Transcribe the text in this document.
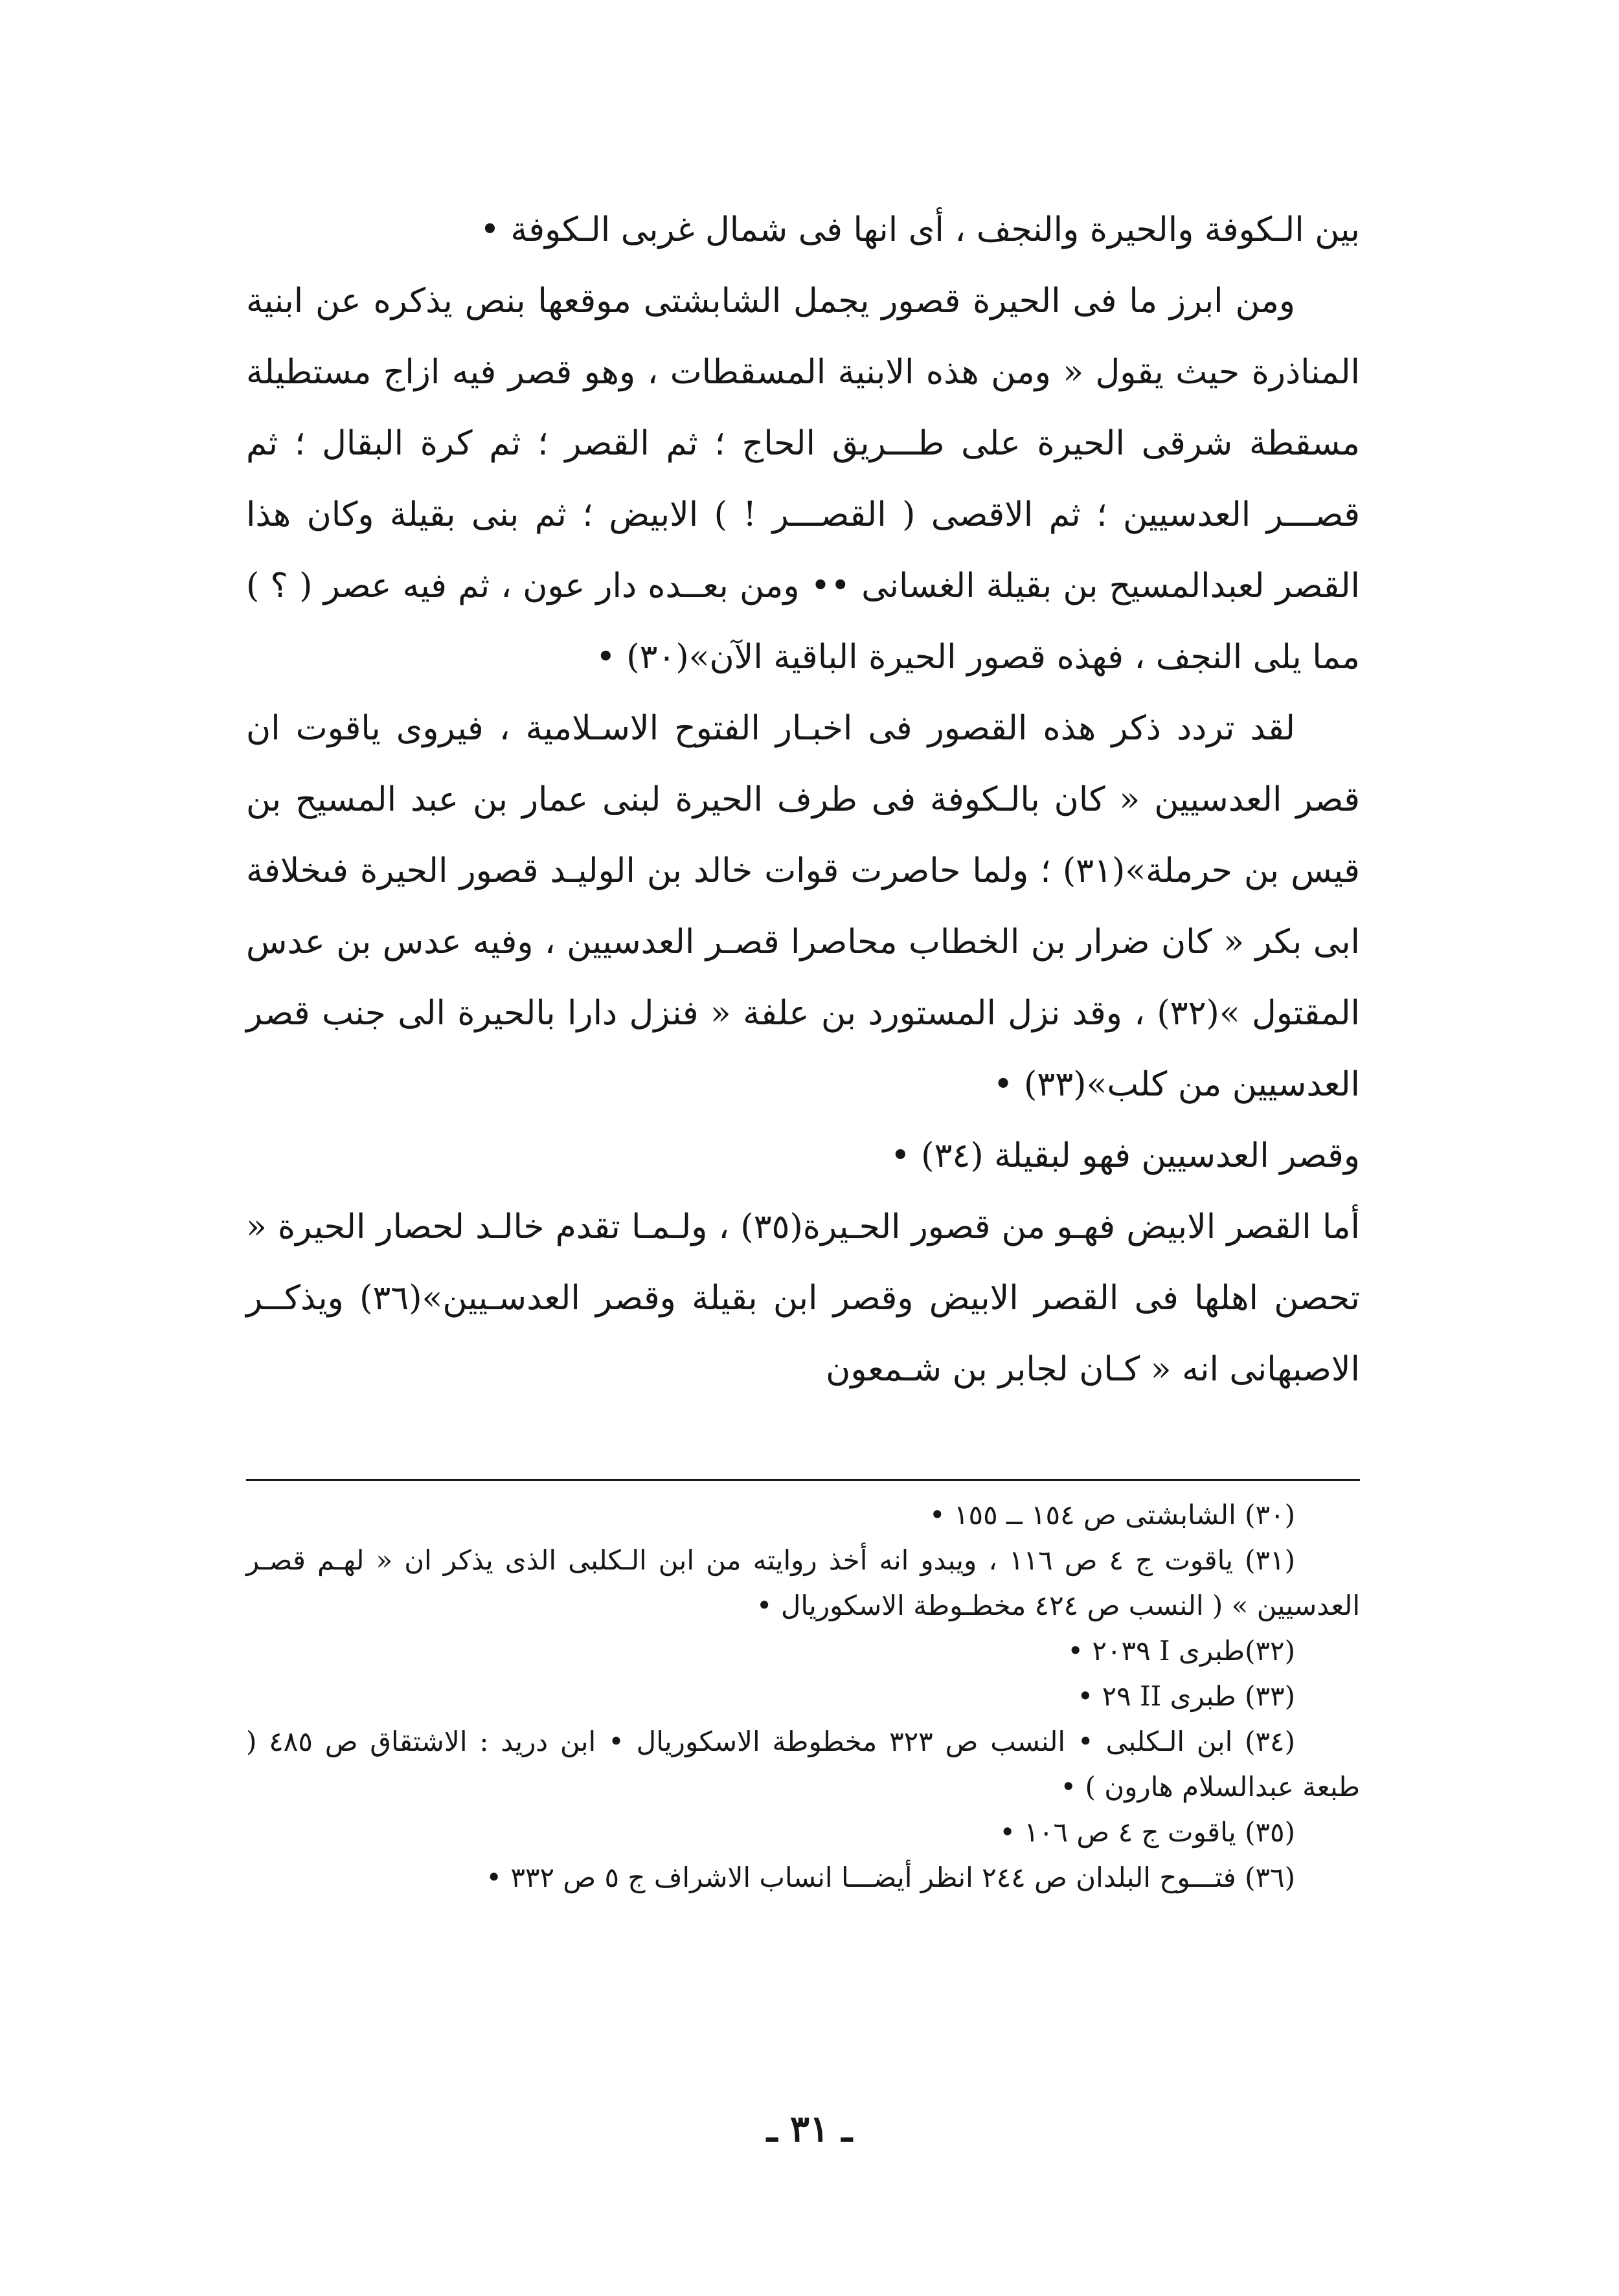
بين الـكوفة والحيرة والنجف ، أى انها فى شمال غربى الـكوفة •

ومن ابرز ما فى الحيرة قصور يجمل الشابشتى موقعها بنص يذكره عن ابنية المناذرة حيث يقول « ومن هذه الابنية المسقطات ، وهو قصر فيه ازاج مستطيلة مسقطة شرقى الحيرة على طـــريق الحاج ؛ ثم القصر ؛ ثم كرة البقال ؛ ثم قصـــر العدسيين ؛ ثم الاقصى ( القصـــر ! ) الابيض ؛ ثم بنى بقيلة وكان هذا القصر لعبدالمسيح بن بقيلة الغسانى •• ومن بعــده دار عون ، ثم فيه عصر ( ؟ ) مما يلى النجف ، فهذه قصور الحيرة الباقية الآن»(٣٠) •

لقد تردد ذكر هذه القصور فى اخبـار الفتوح الاسـلامية ، فيروى ياقوت ان قصر العدسيين « كان بالـكوفة فى طرف الحيرة لبنى عمار بن عبد المسيح بن قيس بن حرملة»(٣١) ؛ ولما حاصرت قوات خالد بن الوليـد قصور الحيرة فىخلافة ابى بكر « كان ضرار بن الخطاب محاصرا قصـر العدسيين ، وفيه عدس بن عدس المقتول »(٣٢) ، وقد نزل المستورد بن علفة « فنزل دارا بالحيرة الى جنب قصر العدسيين من كلب»(٣٣) •

وقصر العدسيين فهو لبقيلة (٣٤) •

أما القصر الابيض فهـو من قصور الحـيرة(٣٥) ، ولـمـا تقدم خالـد لحصار الحيرة « تحصن اهلها فى القصر الابيض وقصر ابن بقيلة وقصر العدسـيين»(٣٦) ويذكــر الاصبهانى انه « كـان لجابر بن شـمعون

(٣٠) الشابشتى ص ١٥٤ ــ ١٥٥ •

(٣١) ياقوت ج ٤ ص ١١٦ ، ويبدو انه أخذ روايته من ابن الـكلبى الذى يذكر ان « لهـم قصـر العدسيين » ( النسب ص ٤٢٤ مخطـوطة الاسكوريال •

(٣٢)طبرى I ٢٠٣٩ •

(٣٣) طبرى II ٢٩ •

(٣٤) ابن الـكلبى • النسب ص ٣٢٣ مخطوطة الاسكوريال • ابن دريد : الاشتقاق ص ٤٨٥ ( طبعة عبدالسلام هارون ) •

(٣٥) ياقوت ج ٤ ص ١٠٦ •

(٣٦) فتـــوح البلدان ص ٢٤٤ انظر أيضـــا انساب الاشراف ج ٥ ص ٣٣٢ •

ـ ٣١ ـ
